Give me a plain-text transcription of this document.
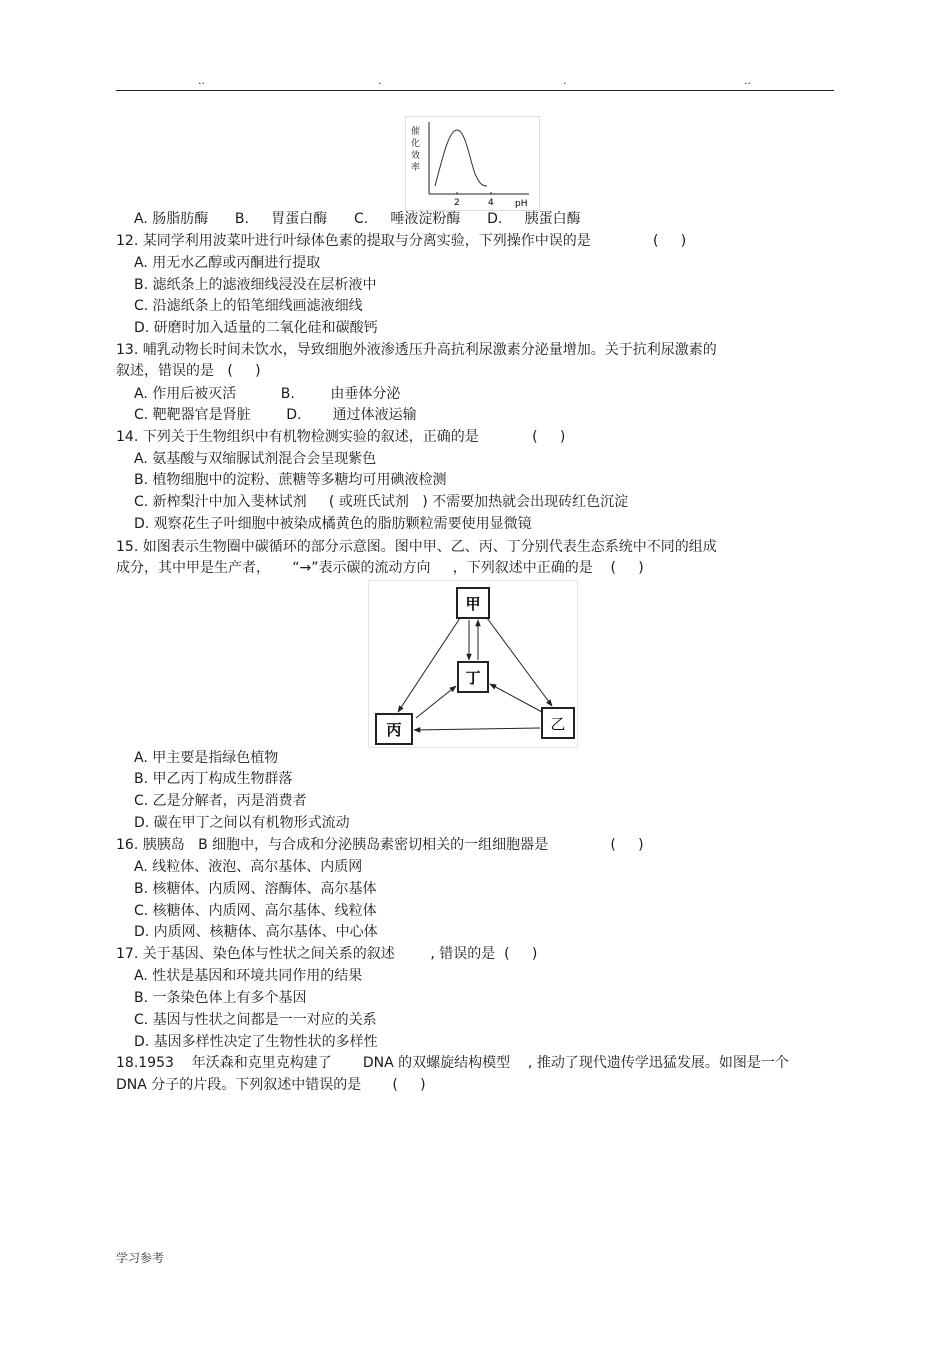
..	.	.	..
催
化
效
率
2	4 pH
A. 肠脂肪酶      B.     胃蛋白酶      C.     唾液淀粉酶      D.     胰蛋白酶
12. 某同学利用波菜叶进行叶绿体色素的提取与分离实验，下列操作中误的是              (     )
A. 用无水乙醇或丙酮进行提取
B. 滤纸条上的滤液细线浸没在层析液中
C. 沿滤纸条上的铅笔细线画滤液细线
D. 研磨时加入适量的二氧化硅和碳酸钙
13. 哺乳动物长时间未饮水，导致细胞外液渗透压升高抗利尿激素分泌量增加。关于抗利尿激素的
叙述，错误的是   (     )
A. 作用后被灭活          B.        由垂体分泌
C. 靶靶器官是肾脏        D.       通过体液运输
14. 下列关于生物组织中有机物检测实验的叙述，正确的是            (     )
A. 氨基酸与双缩脲试剂混合会呈现紫色
B. 植物细胞中的淀粉、蔗糖等多糖均可用碘液检测
C. 新榨梨汁中加入斐林试剂     ( 或班氏试剂   ) 不需要加热就会出现砖红色沉淀
D. 观察花生子叶细胞中被染成橘黄色的脂肪颗粒需要使用显微镜
15. 如图表示生物圈中碳循环的部分示意图。图中甲、乙、丙、丁分别代表生态系统中不同的组成
成分，其中甲是生产者，     “→”表示碳的流动方向     ，下列叙述中正确的是    (     )
甲
丁
丙	乙
A. 甲主要是指绿色植物
B. 甲乙丙丁构成生物群落
C. 乙是分解者，丙是消费者
D. 碳在甲丁之间以有机物形式流动
16. 胰胰岛   B 细胞中，与合成和分泌胰岛素密切相关的一组细胞器是              (     )
A. 线粒体、液泡、高尔基体、内质网
B. 核糖体、内质网、溶酶体、高尔基体
C. 核糖体、内质网、高尔基体、线粒体
D. 内质网、核糖体、高尔基体、中心体
17. 关于基因、染色体与性状之间关系的叙述        , 错误的是  (     )
A. 性状是基因和环境共同作用的结果
B. 一条染色体上有多个基因
C. 基因与性状之间都是一一对应的关系
D. 基因多样性决定了生物性状的多样性
18.1953    年沃森和克里克构建了       DNA 的双螺旋结构模型    , 推动了现代遗传学迅猛发展。如图是一个
DNA 分子的片段。下列叙述中错误的是       (     )
学习参考
